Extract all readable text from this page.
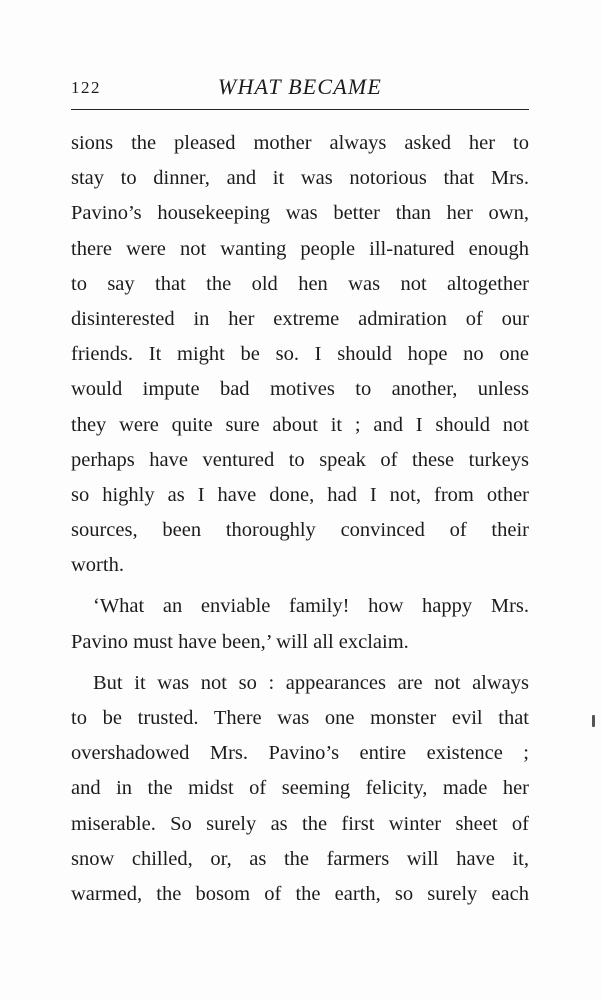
122	WHAT BECAME
sions the pleased mother always asked her to
stay to dinner, and it was notorious that Mrs.
Pavino’s housekeeping was better than her own,
there were not wanting people ill-natured enough
to say that the old hen was not altogether
disinterested in her extreme admiration of our
friends. It might be so. I should hope no one
would impute bad motives to another, unless
they were quite sure about it ; and I should not
perhaps have ventured to speak of these turkeys
so highly as I have done, had I not, from other
sources, been thoroughly convinced of their
worth.
‘What an enviable family! how happy Mrs.
Pavino must have been,’ will all exclaim.
But it was not so : appearances are not always
to be trusted. There was one monster evil that
overshadowed Mrs. Pavino’s entire existence ;
and in the midst of seeming felicity, made her
miserable. So surely as the first winter sheet of
snow chilled, or, as the farmers will have it,
warmed, the bosom of the earth, so surely each
